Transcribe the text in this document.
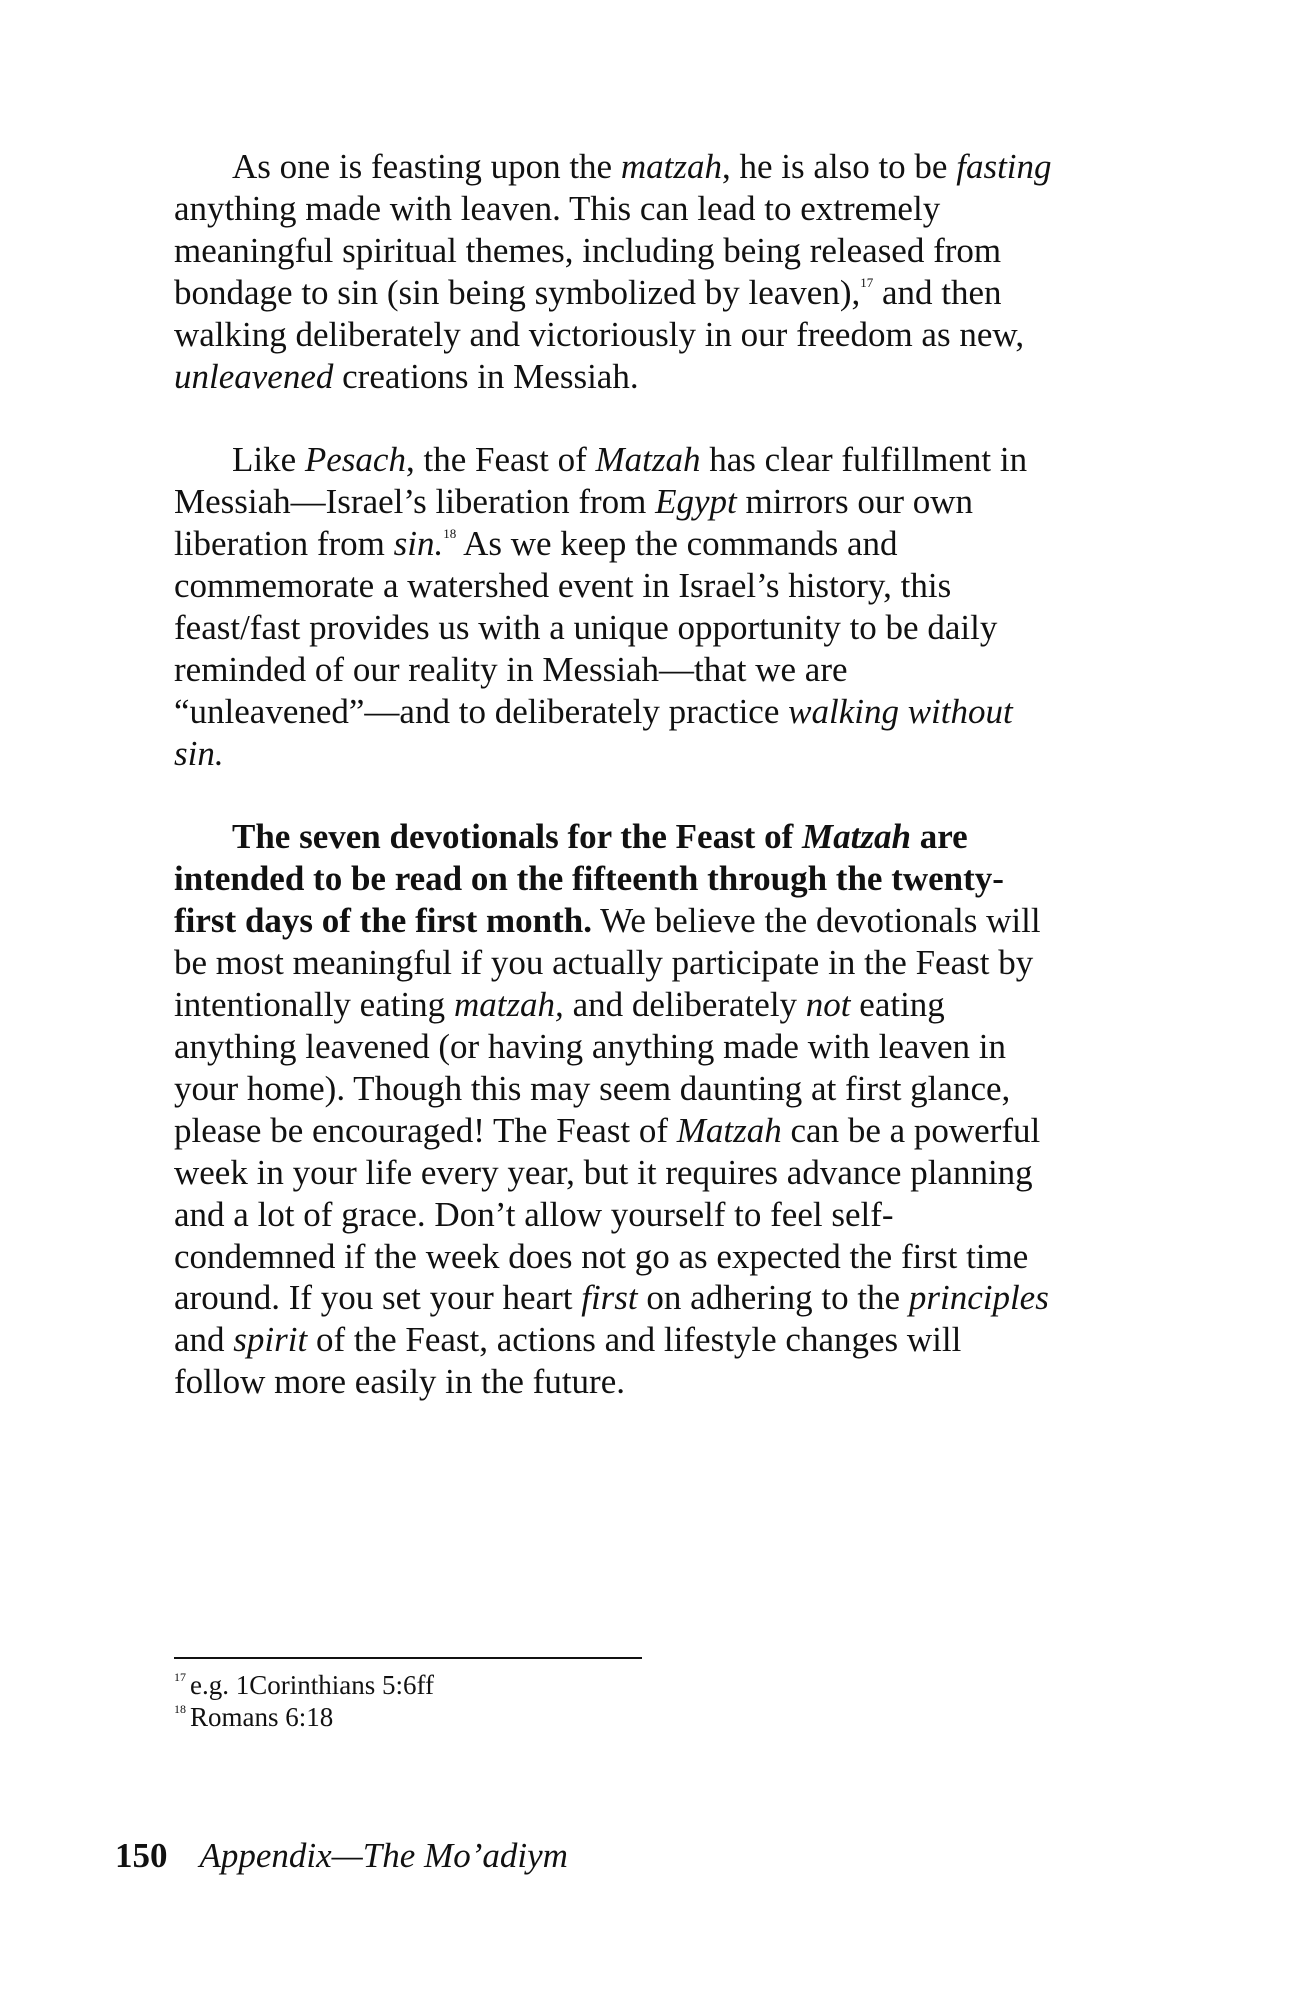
As one is feasting upon the matzah, he is also to be fasting anything made with leaven. This can lead to extremely meaningful spiritual themes, including being released from bondage to sin (sin being symbolized by leaven),$^{17}$ and then walking deliberately and victoriously in our freedom as new, unleavened creations in Messiah.

Like Pesach, the Feast of Matzah has clear fulfillment in Messiah—Israel’s liberation from Egypt mirrors our own liberation from sin.$^{18}$ As we keep the commands and commemorate a watershed event in Israel’s history, this feast/fast provides us with a unique opportunity to be daily reminded of our reality in Messiah—that we are “unleavened”—and to deliberately practice walking without sin.

The seven devotionals for the Feast of Matzah are intended to be read on the fifteenth through the twenty-first days of the first month. We believe the devotionals will be most meaningful if you actually participate in the Feast by intentionally eating matzah, and deliberately not eating anything leavened (or having anything made with leaven in your home). Though this may seem daunting at first glance, please be encouraged! The Feast of Matzah can be a powerful week in your life every year, but it requires advance planning and a lot of grace. Don’t allow yourself to feel self-condemned if the week does not go as expected the first time around. If you set your heart first on adhering to the principles and spirit of the Feast, actions and lifestyle changes will follow more easily in the future.

$^{17}$ e.g. 1Corinthians 5:6ff
$^{18}$ Romans 6:18
150 Appendix—The Mo’adiym
